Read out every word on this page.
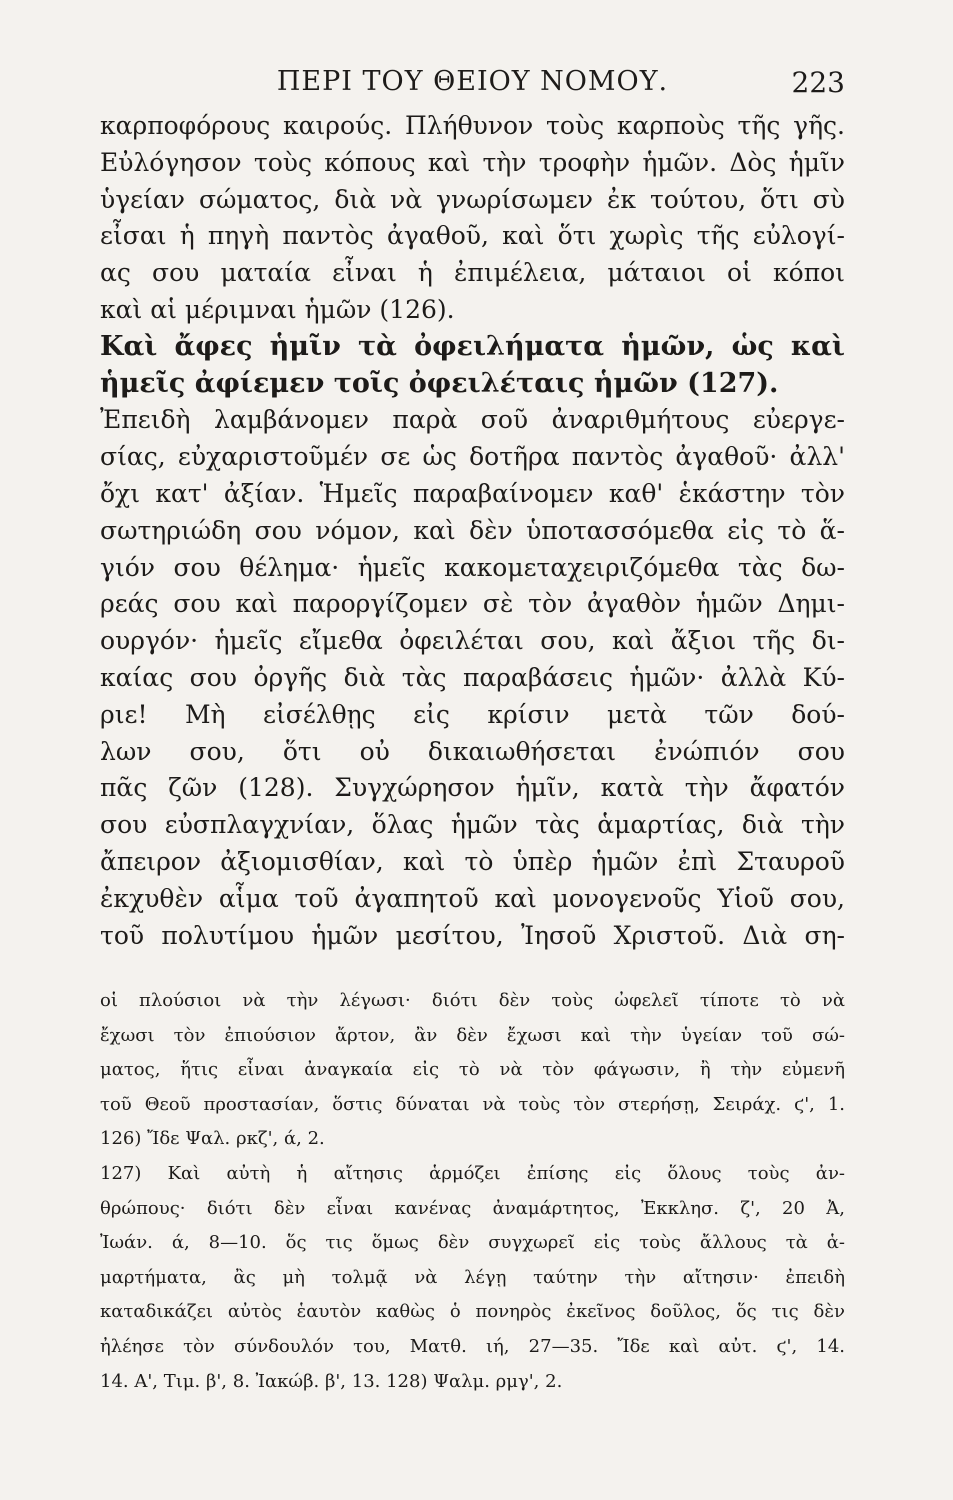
ΠΕΡΙ ΤΟΥ ΘΕΙΟΥ ΝΟΜΟΥ.	223
καρποφόρους καιρούς. Πλήθυνον τοὺς καρποὺς τῆς γῆς.
Εὐλόγησον τοὺς κόπους καὶ τὴν τροφὴν ἡμῶν. Δὸς ἡμῖν
ὑγείαν σώματος, διὰ νὰ γνωρίσωμεν ἐκ τούτου, ὅτι σὺ
εἶσαι ἡ πηγὴ παντὸς ἀγαθοῦ, καὶ ὅτι χωρὶς τῆς εὐλογί-
ας σου ματαία εἶναι ἡ ἐπιμέλεια, μάταιοι οἱ κόποι
καὶ αἱ μέριμναι ἡμῶν (126).
Καὶ ἄφες ἡμῖν τὰ ὀφειλήματα ἡμῶν, ὡς καὶ
ἡμεῖς ἀφίεμεν τοῖς ὀφειλέταις ἡμῶν (127).
Ἐπειδὴ λαμβάνομεν παρὰ σοῦ ἀναριθμήτους εὐεργε-
σίας, εὐχαριστοῦμέν σε ὡς δοτῆρα παντὸς ἀγαθοῦ· ἀλλ'
ὄχι κατ' ἀξίαν. Ἡμεῖς παραβαίνομεν καθ' ἑκάστην τὸν
σωτηριώδη σου νόμον, καὶ δὲν ὑποτασσόμεθα εἰς τὸ ἅ-
γιόν σου θέλημα· ἡμεῖς κακομεταχειριζόμεθα τὰς δω-
ρεάς σου καὶ παροργίζομεν σὲ τὸν ἀγαθὸν ἡμῶν Δημι-
ουργόν· ἡμεῖς εἴμεθα ὀφειλέται σου, καὶ ἄξιοι τῆς δι-
καίας σου ὀργῆς διὰ τὰς παραβάσεις ἡμῶν· ἀλλὰ Κύ-
ριε! Μὴ εἰσέλθῃς εἰς κρίσιν μετὰ τῶν δού-
λων σου, ὅτι οὐ δικαιωθήσεται ἐνώπιόν σου
πᾶς ζῶν (128). Συγχώρησον ἡμῖν, κατὰ τὴν ἄφατόν
σου εὐσπλαγχνίαν, ὅλας ἡμῶν τὰς ἁμαρτίας, διὰ τὴν
ἄπειρον ἀξιομισθίαν, καὶ τὸ ὑπὲρ ἡμῶν ἐπὶ Σταυροῦ
ἐκχυθὲν αἷμα τοῦ ἀγαπητοῦ καὶ μονογενοῦς Υἱοῦ σου,
τοῦ πολυτίμου ἡμῶν μεσίτου, Ἰησοῦ Χριστοῦ. Διὰ ση-
οἱ πλούσιοι νὰ τὴν λέγωσι· διότι δὲν τοὺς ὠφελεῖ τίποτε τὸ νὰ
ἔχωσι τὸν ἐπιούσιον ἄρτον, ἂν δὲν ἔχωσι καὶ τὴν ὑγείαν τοῦ σώ-
ματος, ἥτις εἶναι ἀναγκαία εἰς τὸ νὰ τὸν φάγωσιν, ἢ τὴν εὐμενῆ
τοῦ Θεοῦ προστασίαν, ὅστις δύναται νὰ τοὺς τὸν στερήσῃ, Σειράχ. ϛ', 1.
126) Ἴδε Ψαλ. ρκζ', ά, 2.
127) Καὶ αὐτὴ ἡ αἴτησις ἁρμόζει ἐπίσης εἰς ὅλους τοὺς ἀν-
θρώπους· διότι δὲν εἶναι κανένας ἀναμάρτητος, Ἐκκλησ. ζ', 20 Ἀ,
Ἰωάν. ά, 8—10. ὅς τις ὅμως δὲν συγχωρεῖ εἰς τοὺς ἄλλους τὰ ἁ-
μαρτήματα, ἂς μὴ τολμᾷ νὰ λέγῃ ταύτην τὴν αἴτησιν· ἐπειδὴ
καταδικάζει αὐτὸς ἑαυτὸν καθὼς ὁ πονηρὸς ἐκεῖνος δοῦλος, ὅς τις δὲν
ἠλέησε τὸν σύνδουλόν του, Ματθ. ιή, 27—35. Ἴδε καὶ αὐτ. ϛ', 14.
14. Α', Τιμ. β', 8. Ἰακώβ. β', 13. 128) Ψαλμ. ρμγ', 2.
